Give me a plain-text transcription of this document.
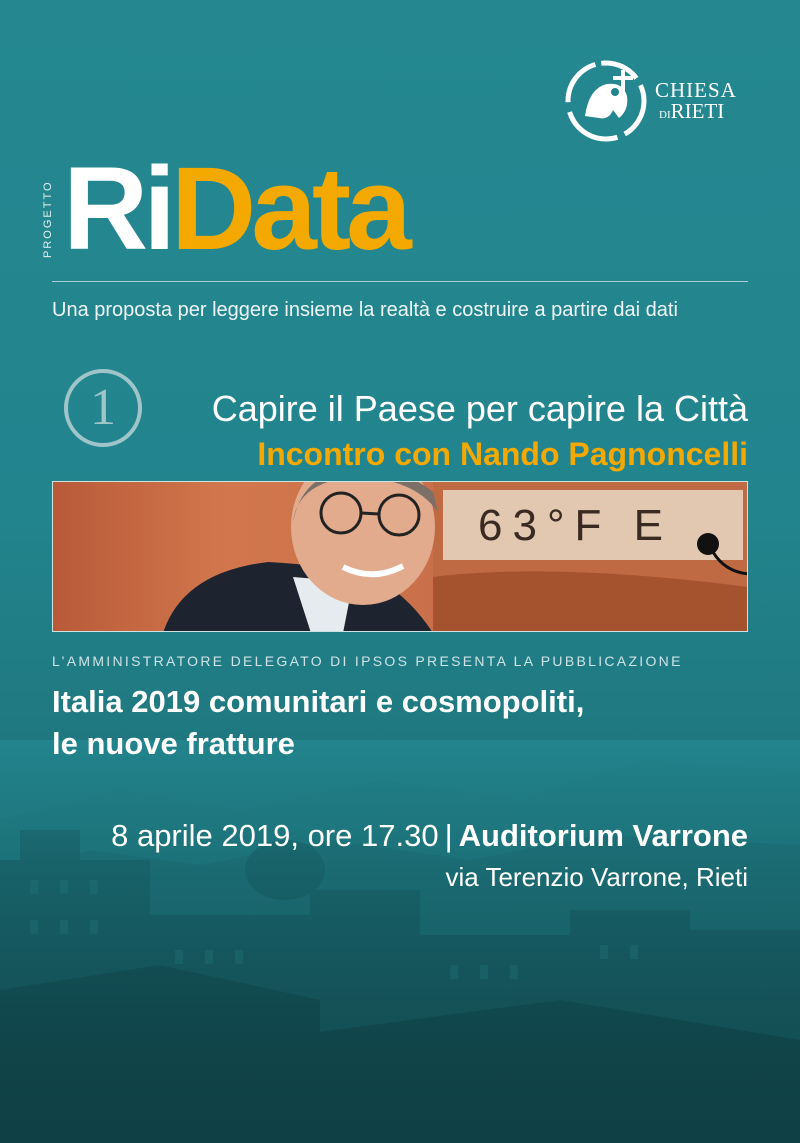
CHIESA
DIRIETI
PROGETTO RiData
Una proposta per leggere insieme la realtà e costruire a partire dai dati
1	Capire il Paese per capire la Città
Incontro con Nando Pagnoncelli
63°F E
L’AMMINISTRATORE DELEGATO DI IPSOS PRESENTA LA PUBBLICAZIONE
Italia 2019 comunitari e cosmopoliti,
le nuove fratture
8 aprile 2019, ore 17.30 | Auditorium Varrone
via Terenzio Varrone, Rieti
